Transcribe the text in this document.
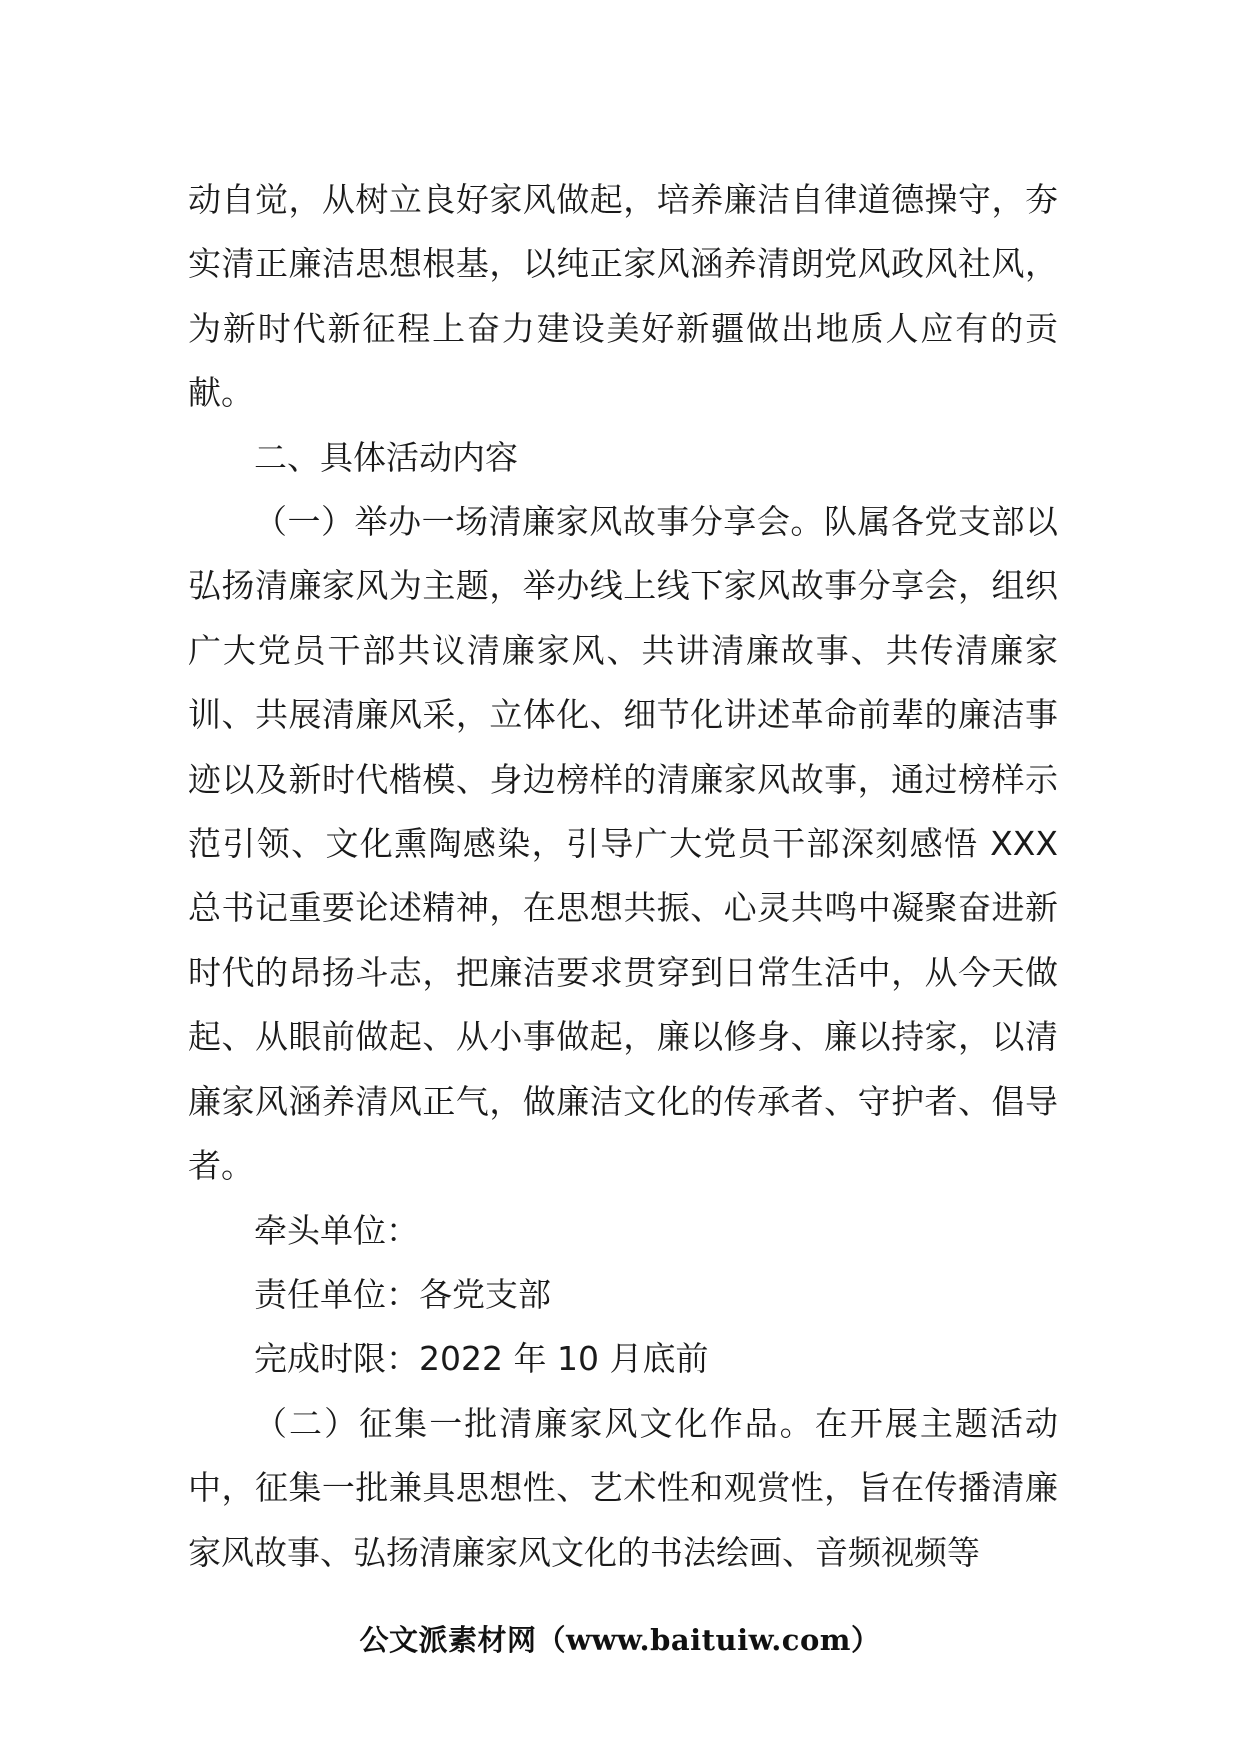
动自觉，从树立良好家风做起，培养廉洁自律道德操守，夯实清正廉洁思想根基，以纯正家风涵养清朗党风政风社风，为新时代新征程上奋力建设美好新疆做出地质人应有的贡献。

二、具体活动内容

（一）举办一场清廉家风故事分享会。队属各党支部以弘扬清廉家风为主题，举办线上线下家风故事分享会，组织广大党员干部共议清廉家风、共讲清廉故事、共传清廉家训、共展清廉风采，立体化、细节化讲述革命前辈的廉洁事迹以及新时代楷模、身边榜样的清廉家风故事，通过榜样示范引领、文化熏陶感染，引导广大党员干部深刻感悟 XXX 总书记重要论述精神，在思想共振、心灵共鸣中凝聚奋进新时代的昂扬斗志，把廉洁要求贯穿到日常生活中，从今天做起、从眼前做起、从小事做起，廉以修身、廉以持家，以清廉家风涵养清风正气，做廉洁文化的传承者、守护者、倡导者。

牵头单位：

责任单位：各党支部

完成时限：2022 年 10 月底前

（二）征集一批清廉家风文化作品。在开展主题活动中，征集一批兼具思想性、艺术性和观赏性，旨在传播清廉家风故事、弘扬清廉家风文化的书法绘画、音频视频等

公文派素材网（www.baituiw.com）
